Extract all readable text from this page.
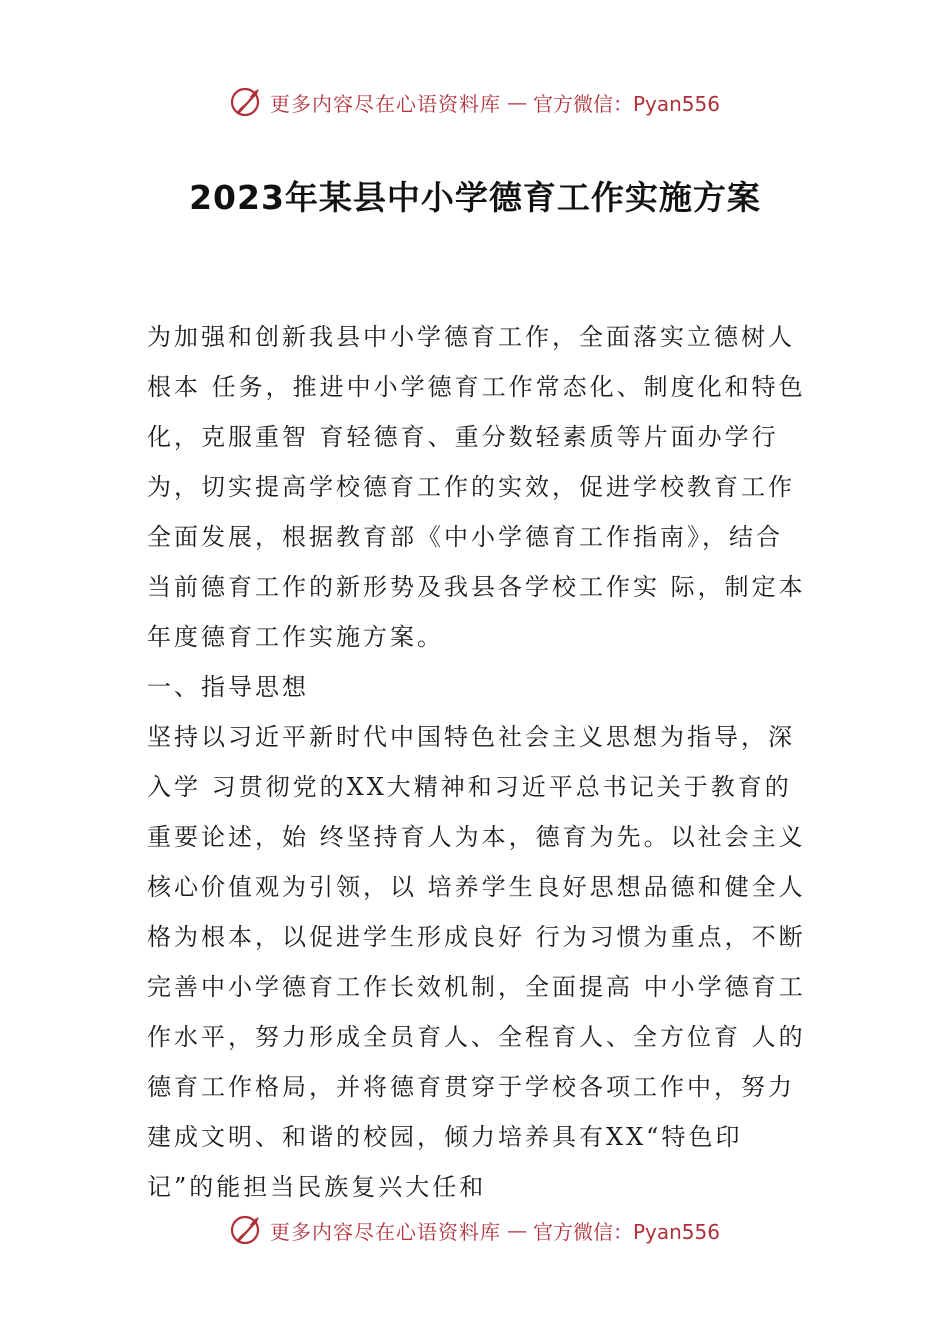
更多内容尽在心语资料库 — 官方微信：Pyan556
2023年某县中小学德育工作实施方案

为加强和创新我县中小学德育工作，全面落实立德树人根本 任务，推进中小学德育工作常态化、制度化和特色化，克服重智 育轻德育、重分数轻素质等片面办学行为，切实提高学校德育工作的实效，促进学校教育工作全面发展，根据教育部《中小学德育工作指南》，结合当前德育工作的新形势及我县各学校工作实 际，制定本年度德育工作实施方案。

一、指导思想

坚持以习近平新时代中国特色社会主义思想为指导，深入学 习贯彻党的XX大精神和习近平总书记关于教育的重要论述，始 终坚持育人为本，德育为先。以社会主义核心价值观为引领，以 培养学生良好思想品德和健全人格为根本，以促进学生形成良好 行为习惯为重点，不断完善中小学德育工作长效机制，全面提高 中小学德育工作水平，努力形成全员育人、全程育人、全方位育 人的德育工作格局，并将德育贯穿于学校各项工作中，努力建成文明、和谐的校园，倾力培养具有XX“特色印记”的能担当民族复兴大任和

更多内容尽在心语资料库 — 官方微信：Pyan556
